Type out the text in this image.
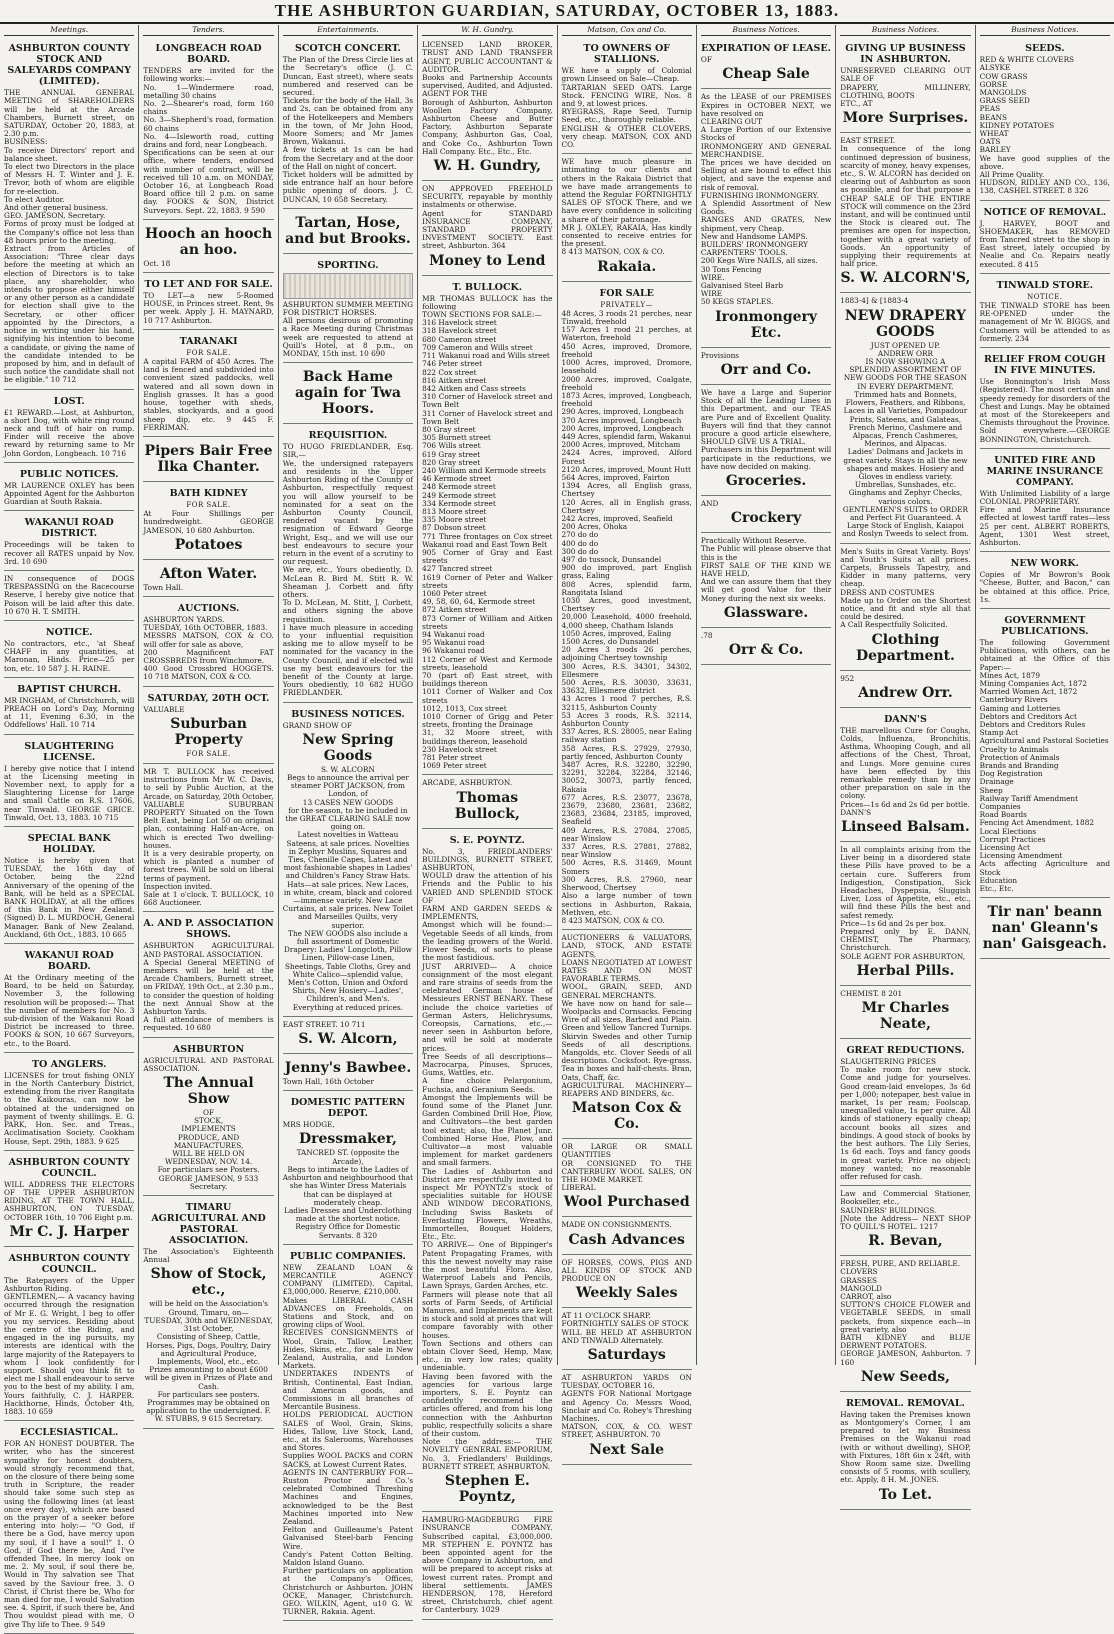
THE ASHBURTON GUARDIAN, SATURDAY, OCTOBER 13, 1883.
Meetings.
ASHBURTON COUNTY STOCK AND SALEYARDS COMPANY (LIMITED).

THE ANNUAL GENERAL MEETING of SHAREHOLDERS will be held at the Arcade Chambers, Burnett street, on SATURDAY, October 20, 1883, at 2.30 p.m.

BUSINESS:

To receive Directors' report and balance sheet.

To elect two Directors in the place of Messrs H. T. Winter and J. E. Trevor, both of whom are eligible for re-election.

To elect Auditor.

And other general business.

GEO. JAMESON, Secretary.

Forms of proxy must be lodged at the Company's office not less than 48 hours prior to the meeting.

Extract from Articles of Association: "Three clear days before the meeting at which an election of Directors is to take place, any shareholder, who intends to propose either himself or any other person as a candidate for election shall give to the Secretary, or other officer appointed by the Directors, a notice in writing under his hand, signifying his intention to become a candidate, or giving the name of the candidate intended to be proposed by him, and in default of such notice the candidate shall not be eligible." 10 712

LOST.

£1 REWARD.—Lost, at Ashburton, a short Dog, with white ring round neck and tuft of hair on rump. Finder will receive the above reward by returning same to Mr John Gordon, Longbeach. 10 716

PUBLIC NOTICES.

MR LAURENCE OXLEY has been Appointed Agent for the Ashburton Guardian at South Rakaia.

WAKANUI ROAD DISTRICT.

Proceedings will be taken to recover all RATES unpaid by Nov. 3rd. 10 690

IN consequence of DOGS TRESPASSING on the Racecourse Reserve, I hereby give notice that Poison will be laid after this date. 10 670 H. T. SMITH.

NOTICE.

No contractors, etc., 'at Sheaf CHAFF in any quantities, at Maronan, Hinds. Price—25 per ton, etc. 10 587 J. H. RAINE.

BAPTIST CHURCH.

MR INGHAM, of Christchurch, will PREACH on Lord's Day, Morning at 11, Evening 6.30, in the Oddfellows' Hall. 10 714

SLAUGHTERING LICENSE.

I hereby give notice that I intend at the Licensing meeting in November next, to apply for a Slaughtering License for Large and small Cattle on R.S. 17606, near Tinwald. GEORGE GRICE. Tinwald, Oct. 13, 1883. 10 715

SPECIAL BANK HOLIDAY.

Notice is hereby given that TUESDAY, the 16th day of October, being the 22nd Anniversary of the opening of the Bank, will be held as a SPECIAL BANK HOLIDAY, at all the offices of this Bank in New Zealand. (Signed) D. L. MURDOCH, General Manager. Bank of New Zealand, Auckland, 6th Oct., 1883. 10 665

WAKANUI ROAD BOARD.

At the Ordinary meeting of the Board, to be held on Saturday, November 3, the following resolution will be proposed:— That the number of members for No. 3 sub-division of the Wakanui Road District be increased to three. FOOKS & SON, 10 667 Surveyors, etc., to the Board.

TO ANGLERS.

LICENSES for trout fishing ONLY in the North Canterbury District, extending from the river Rangitata to the Kaikouras, can now be obtained at the undersigned on payment of twenty shillings. E. G. PARK, Hon. Sec. and Treas., Acclimatisation Society. Cookham House, Sept. 29th, 1883. 9 625

ASHBURTON COUNTY COUNCIL.

WILL ADDRESS THE ELECTORS OF THE UPPER ASHBURTON RIDING, AT THE TOWN HALL, ASHBURTON, ON TUESDAY, OCTOBER 16th, 10 706 Eight p.m.

Mr C. J. Harper
ASHBURTON COUNTY COUNCIL.

The Ratepayers of the Upper Ashburton Riding.

GENTLEMEN,— A vacancy having occurred through the resignation of Mr E. G. Wright, I beg to offer you my services. Residing about the centre of the Riding, and engaged in the ing pursuits, my interests are identical with the large majority of the Ratepayers to whom I look confidently for support. Should you think fit to elect me I shall endeavour to serve you to the best of my ability. I am, Yours faithfully, C. J. HARPER. Hackthorne, Hinds, October 4th, 1883. 10 659

ECCLESIASTICAL.

FOR AN HONEST DOUBTER. The writer, who has the sincerest sympathy for honest doubters, would strongly recommend that, on the closure of there being some truth in Scripture, the reader should take some such step as using the following lines (at least once every day), which are based on the prayer of a seeker before entering into holy:— "O God, if there be a God, have mercy upon my soul, if I have a soul!" 1. O God, if God there be, And I've offended Thee, In mercy look on me. 2. My soul, if soul there be, Would in Thy salvation see That saved by the Saviour free. 3. O Christ, if Christ there be, Who for man died for me, I would Salvation see. 4. Spirit, if such there be, And Thou wouldst plead with me, O give Thy life to Thee. 9 549

Tenders.
LONGBEACH ROAD BOARD.

TENDERS are invited for the following works:—

No. 1—Windermere road, metalling 30 chains

No. 2—Shearer's road, form 160 chains

No. 3—Shepherd's road, formation 60 chains

No. 4—Isleworth road, cutting drains and ford, near Longbeach.

Specifications can be seen at our office, where tenders, endorsed with number of contract, will be received till 10 a.m. on MONDAY, October 16, at Longbeach Road Board office till 2 p.m. on same day. FOOKS & SON, District Surveyors. Sept. 22, 1883. 9 590

Hooch an hooch an hoo.

Oct. 18

TO LET AND FOR SALE.

TO LET—a new 5-Roomed HOUSE, in Princes street. Rent, 9s per week. Apply J. H. MAYNARD, 10 717 Ashburton.

TARANAKI
FOR SALE.

A capital FARM of 450 Acres. The land is fenced and subdivided into convenient sized paddocks, well watered and all sown down in English grasses. It has a good house, together with sheds, stables, stockyards, and a good sheep dip, etc. 9 445 F. FERRIMAN.

Pipers Bair Free Ilka Chanter.
BATH KIDNEY
FOR SALE.

At Four Shillings per hundredweight. GEORGE JAMESON, 10 680 Ashburton.

Potatoes
Afton Water.

Town Hall.

AUCTIONS.

ASHBURTON YARDS.

TUESDAY, 16th OCTOBER, 1883.

MESSRS MATSON, COX & CO. will offer for sale as above,

200 Magnificent FAT CROSSBREDS from Winchmore.

400 Good Crossbred HOGGETS. 10 718 MATSON, COX & CO.

SATURDAY, 20TH OCT.

VALUABLE

Suburban Property
FOR SALE.

MR T. BULLOCK has received instructions from Mr W. C. Davis, to sell by Public Auction, at the Arcade, on Saturday, 20th October,

VALUABLE SUBURBAN PROPERTY Situated on the Town Belt East, being Lot 50 on original plan, containing Half-an-Acre, on which is erected Two dwelling-houses.

It is a very desirable property, on which is planted a number of forest trees. Will be sold on liberal terms of payment.

Inspection invited.

Sale at 1 o'clock. T. BULLOCK, 10 668 Auctioneer.

A. AND P. ASSOCIATION SHOWS.

ASHBURTON AGRICULTURAL AND PASTORAL ASSOCIATION.

A Special General MEETING of members will be held at the Arcade Chambers, Burnett street, on FRIDAY, 19th Oct., at 2.30 p.m., to consider the question of holding the next Annual Show at the Ashburton Yards.

A full attendance of members is requested. 10 680

ASHBURTON

AGRICULTURAL AND PASTORAL ASSOCIATION.

The Annual Show

OF

STOCK,

IMPLEMENTS

PRODUCE, AND

MANUFACTURES,

WILL BE HELD ON

WEDNESDAY, NOV. 14.

For particulars see Posters.

GEORGE JAMESON, 9 533 Secretary.

TIMARU AGRICULTURAL AND PASTORAL ASSOCIATION.

The Association's Eighteenth Annual

Show of Stock, etc.,

will be held on the Association's Ground, Timaru, on—

TUESDAY, 30th and WEDNESDAY, 31st October,

Consisting of Sheep, Cattle, Horses, Pigs, Dogs, Poultry, Dairy and Agricultural Produce, Implements, Wool, etc., etc.

Prizes amounting to about £600 will be given in Prizes of Plate and Cash.

For particulars see posters.

Programmes may be obtained on application to the undersigned. F. W. STUBBS, 9 615 Secretary.

Entertainments.
SCOTCH CONCERT.

The Plan of the Dress Circle lies at the Secretary's office (J. C. Duncan, East street), where seats numbered and reserved can be secured.

Tickets for the body of the Hall, 3s and 2s, can be obtained from any of the Hotelkeepers and Members in the town, of Mr John Hood, Moore Somers; and Mr James Brown, Wakanui.

A few tickets at 1s can be had from the Secretary and at the door of the Hall on night of concert.

Ticket holders will be admitted by side entrance half an hour before public opening of doors. J. C. DUNCAN, 10 658 Secretary.

Tartan, Hose, and but Brooks.
SPORTING.

ASHBURTON SUMMER MEETING FOR DISTRICT HORSES.

All persons desirous of promoting a Race Meeting during Christmas week are requested to attend at Quill's Hotel, at 8 p.m., on MONDAY, 15th inst. 10 690

Back Hame again for Twa Hoors.
REQUISITION.

TO HUGO FRIEDLANDER, Esq. SIR,—

We, the undersigned ratepayers and residents in the Upper Ashburton Riding of the County of Ashburton, respectfully request you will allow yourself to be nominated for a seat on the Ashburton County Council, rendered vacant by the resignation of Edward George Wright, Esq., and we will use our best endeavours to secure your return in the event of a scrutiny to our request.

We are, etc., Yours obediently, D. McLean R. Bird M. Stitt R. W. Sheaman J. Corbett and fifty others.

To D. McLean, M. Stitt, J. Corbett, and others signing the above requisition.

I have much pleasure in acceding to your influential requisition asking me to allow myself to be nominated for the vacancy in the County Council, and if elected will use my best endeavours for the benefit of the County at large. Yours obediently, 10 682 HUGO FRIEDLANDER.

BUSINESS NOTICES.

GRAND SHOW OF

New Spring Goods

S. W. ALCORN

Begs to announce the arrival per steamer PORT JACKSON, from London, of

13 CASES NEW GOODS

for the season, to be included in the GREAT CLEARING SALE now going on.

Latest novelties in Watteau Sateens, at sale prices. Novelties in Zephyr Muslins, Squares and Ties, Chenille Capes, Latest and most fashionable shapes in Ladies' and Children's Fancy Straw Hats. Hats—at sale prices. New Laces, in white, cream, black and colored—immense variety. New Lace Curtains, at sale prices. New Toilet and Marseilles Quilts, very superior.

The NEW GOODS also include a full assortment of Domestic Drapery: Ladies' Longcloth, Pillow Linen, Pillow-case Linen, Sheetings, Table Cloths, Grey and White Calico—splendid value, Men's Cotton, Union and Oxford Shirts, New Hosiery—Ladies', Children's, and Men's.

Everything at reduced prices.

EAST STREET. 10 711

S. W. Alcorn,
Jenny's Bawbee.

Town Hall, 16th October

DOMESTIC PATTERN DEPOT.

MRS HODGE,

Dressmaker,

TANCRED ST. (opposite the Arcade),

Begs to intimate to the Ladies of Ashburton and neighbourhood that she has Winter Dress Materials that can be displayed at moderately cheap.

Ladies Dresses and Underclothing made at the shortest notice.

Registry Office for Domestic Servants. 8 320

PUBLIC COMPANIES.

NEW ZEALAND LOAN & MERCANTILE AGENCY COMPANY (LIMITED). Capital, £3,000,000. Reserve, £210,000.

Makes LIBERAL CASH ADVANCES on Freeholds, on Stations and Stock, and on growing clips of Wool.

RECEIVES CONSIGNMENTS of Wool, Grain, Tallow, Leather, Hides, Skins, etc., for sale in New Zealand, Australia, and London Markets.

UNDERTAKES INDENTS of British, Continental, East Indian, and American goods, and Commissions in all branches of Mercantile Business.

HOLDS PERIODICAL AUCTION SALES of Wool, Grain, Skins, Hides, Tallow, Live Stock, Land, etc., at its Salerooms, Warehouses and Stores.

Supplies WOOL PACKS and CORN SACKS, at Lowest Current Rates.

AGENTS IN CANTERBURY FOR— Ruston Proctor and Co.'s celebrated Combined Threshing Machines and Engines, acknowledged to be the Best Machines imported into New Zealand.

Felton and Guilleaume's Patent Galvanised Steel-barb Fencing Wire.

Candy's Patent Cotton Belting. Maldon Island Guano.

Further particulars on application at the Company's Offices, Christchurch or Ashburton. JOHN OCKE, Manager, Christchurch. GEO. WILKIN, Agent, u10 G. W. TURNER, Rakaia. Agent.

W. H. Gundry.

LICENSED LAND BROKER, TRUST AND LAND TRANSFER AGENT, PUBLIC ACCOUNTANT & AUDITOR.

Books and Partnership Accounts supervised, Audited, and Adjusted. AGENT FOR THE

Borough of Ashburton, Ashburton Woollen Factory Company, Ashburton Cheese and Butter Factory, Ashburton Separate Company, Ashburton Gas, Coal, and Coke Co., Ashburton Town Hall Company. Etc., Etc., Etc.

W. H. Gundry,

ON APPROVED FREEHOLD SECURITY, repayable by monthly instalments or otherwise.

Agent for STANDARD INSURANCE COMPANY, STANDARD PROPERTY INVESTMENT SOCIETY. East street, Ashburton. 364

Money to Lend
T. BULLOCK.

MR THOMAS BULLOCK has the following

TOWN SECTIONS FOR SALE:—

316 Havelock street

318 Havelock street

680 Cameron street

709 Cameron and Wills street

711 Wakanui road and Wills street

746 Peter street

822 Cox street

816 Aitken street

842 Aitken and Cass streets

310 Corner of Havelock street and Town Belt

311 Corner of Havelock street and Town Belt

80 Gray street

305 Burnett street

706 Wills street

619 Gray street

820 Gray street

240 William and Kermode streets

46 Kermode street

248 Kermode street

249 Kermode street

334 Kermode street

813 Moore street

335 Moore street

87 Dobson street

771 Three frontages on Cox street Wakanui road and East Town Belt

905 Corner of Gray and East streets

427 Tancred street

1619 Corner of Peter and Walker streets

1060 Peter street

49, 58, 60, 64, Kermode street

872 Aitken street

873 Corner of William and Aitken streets

94 Wakanui road

95 Wakanui road

96 Wakanui road

112 Corner of West and Kermode streets, leasehold

70 (part of) East street, with buildings thereon

1011 Corner of Walker and Cox streets

1012, 1013, Cox street

1010 Corner of Grigg and Peter streets, fronting the Drainage

31, 32 Moore street, with buildings thereon, leasehold

230 Havelock street

781 Peter street

1069 Peter street

ARCADE, ASHBURTON.

Thomas Bullock,
S. E. POYNTZ.

No. 3, FRIEDLANDERS' BUILDINGS, BURNETT STREET, ASHBURTON,

WOULD draw the attention of his Friends and the Public to his VARIED AND SPLENDID STOCK OF

FARM AND GARDEN SEEDS & IMPLEMENTS,

Amongst which will be found:— Vegetable Seeds of all kinds, from the leading growers of the World. Flower Seeds, of sorts to please the most fastidious.

JUST ARRIVED— A choice consignment of the most elegant and rare strains of seeds from the celebrated German house of Messieurs ERNST BENARY. These include the choice varieties of German Asters, Helichrysums, Coreopsis, Carnations, etc.,—never seen in Ashburton before, and will be sold at moderate prices.

Tree Seeds of all descriptions—Macrocarpa, Pinuses, Spruces, Gums, Wattles, etc.

A fine choice Pelargonium, Fuchsia, and Geranium Seeds.

Amongst the Implements will be found some of the Planet Junr. Garden Combined Drill Hoe, Plow, and Cultivators—the best garden tool extant; also, the Planet Junr. Combined Horse Hoe, Plow, and Cultivator—a most valuable implement for market gardeners and small farmers.

The Ladies of Ashburton and District are respectfully invited to inspect Mr POYNTZ's stock of specialities suitable for HOUSE AND WINDOW DECORATIONS, Including Swiss Baskets of Everlasting Flowers, Wreaths, Immortelles, Bouquet Holders, Etc., Etc.

TO ARRIVE— One of Bippinger's Patent Propagating Frames, with this the newest novelty may raise the most beautiful Flora. Also, Waterproof Labels and Pencils, Lawn Sprays, Garden Arches, etc.

Farmers will please note that all sorts of Farm Seeds, of Artificial Manures, and Implements are kept in stock and sold at prices that will compare favorably with other houses.

Town Sections and others can obtain Clover Seed, Hemp, Maw, etc., in very low rates; quality undeniable.

Having been favored with the agencies for various large importers, S. E. Poyntz can confidently recommend the articles offered, and from his long connection with the Ashburton public, respectfully solicits a share of their custom.

Note the address:— THE NOVELTY GENERAL EMPORIUM, No. 3, Friedlanders' Buildings, BURNETT STREET, ASHBURTON.

Stephen E. Poyntz,

HAMBURG-MAGDEBURG FIRE INSURANCE COMPANY. Subscribed capital, £3,000,000. MR STEPHEN E. POYNTZ has been appointed agent for the above Company in Ashburton, and will be prepared to accept risks at lowest current rates. Prompt and liberal settlements. JAMES HENDERSON, 178, Hereford street, Christchurch, chief agent for Canterbury. 1029

Matson, Cox and Co.
TO OWNERS OF STALLIONS.

WE have a supply of Colonial grown Linseed on Sale—Cheap.

TARTARIAN SEED OATS. Large Stock. FENCING WIRE, Nos. 8 and 9, at lowest prices.

RYEGRASS, Rape Seed, Turnip Seed, etc., thoroughly reliable.

ENGLISH & OTHER CLOVERS, very cheap. MATSON, COX AND CO.

WE have much pleasure in intimating to our clients and others in the Rakaia District that we have made arrangements to attend the Regular FORTNIGHTLY SALES OF STOCK There, and we have every confidence in soliciting a share of their patronage.

MR J. OXLEY, RAKAIA, Has kindly consented to receive entries for the present.

8 413 MATSON, COX & CO.

Rakaia.
FOR SALE
PRIVATELY—

48 Acres, 3 roods 21 perches, near Tinwald, freehold

157 Acres 1 rood 21 perches, at Waterton, freehold

450 Acres, improved, Dromore, freehold

1000 Acres, improved, Dromore, leasehold

2000 Acres, improved, Coalgate, freehold

1873 Acres, improved, Longbeach, freehold

290 Acres, improved, Longbeach

370 Acres improved, Longbeach

200 Acres, improved, Longbeach

449 Acres, splendid farm, Wakanui

2000 Acres, improved, Mitcham

2424 Acres, improved, Alford Forest

2120 Acres, improved, Mount Hutt

564 Acres, improved, Fairton

1394 Acres, all English grass, Chertsey

120 Acres, all in English grass, Chertsey

242 Acres, improved, Seafield

200 Acres, Ohoka

270 do do

400 do do

300 do do

497 do tussock, Dunsandel

900 do improved, part English grass, Ealing

808 Acres, splendid farm, Rangitata Island

1030 Acres, good investment, Chertsey

20,000 Leasehold, 4000 freehold, 4,000 sheep, Chatham Islands

1050 Acres, improved, Ealing

1500 Acres, do Dunsandel

20 Acres 3 roods 26 perches, adjoining Chertsey township

300 Acres, R.S. 34301, 34302, Ellesmere

500 Acres, R.S. 30030, 33631, 33632, Ellesmere district

43 Acres 1 rood 7 perches, R.S. 32115, Ashburton County

53 Acres 3 roods, R.S. 32114, Ashburton County

337 Acres, R.S. 28005, near Ealing railway station

358 Acres, R.S. 27929, 27930, partly fenced, Ashburton County

3487 Acres, R.S. 32280, 32290, 32291, 32284, 32284, 32146, 30052, 30073, partly fenced, Rakaia

677 Acres, R.S. 23077, 23678, 23679, 23680, 23681, 23682, 23683, 23684, 23185, improved, Seafield

409 Acres, R.S. 27084, 27085, near Winslow

337 Acres, R.S. 27881, 27882, near Winslow

500 Acres, R.S. 31469, Mount Somers

300 Acres, R.S. 27960, near Sherwood, Chertsey

Also a large number of town sections in Ashburton, Rakaia, Methven, etc.

8 423 MATSON, COX & CO.

AUCTIONEERS & VALUATORS, LAND, STOCK, AND ESTATE AGENTS,

LOANS NEGOTIATED AT LOWEST RATES AND ON MOST FAVORABLE TERMS.

WOOL, GRAIN, SEED, AND GENERAL MERCHANTS.

We have now on hand for sale— Woolpacks and Cornsacks. Fencing Wire of all sizes, Barbed and Plain. Green and Yellow Tancred Turnips. Skirvin Swedes and other Turnip Seeds of all descriptions. Mangolds, etc. Clover Seeds of all descriptions. Cocksfoot. Rye-grass. Tea in boxes and half-chests. Bran, Oats, Chaff, &c.

AGRICULTURAL MACHINERY— REAPERS AND BINDERS, &c.

Matson Cox & Co.

OR LARGE OR SMALL QUANTITIES

OR CONSIGNED TO THE CANTERBURY WOOL SALES, ON THE HOME MARKET.

LIBERAL

Wool Purchased

MADE ON CONSIGNMENTS.

Cash Advances

OF HORSES, COWS, PIGS AND ALL KINDS OF STOCK AND PRODUCE ON

Weekly Sales

AT 11 O'CLOCK SHARP.

FORTNIGHTLY SALES OF STOCK

WILL BE HELD AT ASHBURTON AND TINWALD Alternately.

Saturdays

AT ASHBURTON YARDS ON TUESDAY, OCTOBER 16,

AGENTS FOR National Mortgage and Agency Co. Messrs Wood, Sinclair and Co. Robey's Threshing Machines.

MATSON, COX, & CO. WEST STREET, ASHBURTON. 70

Next Sale
Business Notices.
EXPIRATION OF LEASE.

OF

Cheap Sale

As the LEASE of our PREMISES Expires in OCTOBER NEXT, we have resolved on

CLEARING OUT

A Large Portion of our Extensive Stocks of

IRONMONGERY AND GENERAL MERCHANDISE.

The prices we have decided on Selling at are bound to effect this object, and save the expense and risk of removal.

FURNISHING IRONMONGERY.

A Splendid Assortment of New Goods.

RANGES AND GRATES, New shipment, very Cheap.

New and Handsome LAMPS.

BUILDERS' IRONMONGERY

CARPENTERS' TOOLS.

200 Kegs Wire NAILS, all sizes.

30 Tons Fencing

WIRE.

Galvanised Steel Barb

WIRE

50 KEGS STAPLES.

Ironmongery Etc.

Provisions

Orr and Co.

We have a Large and Superior Stock of all the Leading Lines in this Department, and our TEAS are Pure and of Excellent Quality. Buyers will find that they cannot procure a good article elsewhere, SHOULD GIVE US A TRIAL.

Purchasers in this Department will participate in the reductions, we have now decided on making.

Groceries.

AND

Crockery

Practically Without Reserve.

The Public will please observe that this is the

FIRST SALE OF THE KIND WE HAVE HELD,

And we can assure them that they will get good Value for their Money during the next six weeks.

Glassware.

.78

Orr & Co.
Business Notices.
GIVING UP BUSINESS IN ASHBURTON.

UNRESERVED CLEARING OUT SALE OF

DRAPERY, MILLINERY, CLOTHING, BOOTS

ETC., AT

More Surprises.

EAST STREET.

In consequence of the long continued depression of business, scarcity of money, heavy expenses, etc., S. W. ALCORN has decided on clearing out of Ashburton as soon as possible, and for that purpose a CHEAP SALE OF THE ENTIRE STOCK will commence on the 23rd instant, and will be continued until the Stock is cleared out. The premises are open for inspection, together with a great variety of Goods. An opportunity of supplying their requirements at half price.

S. W. ALCORN'S,

1883-4] & [1883-4

NEW DRAPERY GOODS

JUST OPENED UP.

ANDREW ORR

IS NOW SHOWING A

SPLENDID ASSORTMENT OF NEW GOODS FOR THE SEASON

IN EVERY DEPARTMENT.

Trimmed hats and Bonnets, Flowers, Feathers, and Ribbons, Laces in all Varieties, Pompadour Prints, Sateens, and Galateas, French Merino, Cashmere and Alpacas, French Cashmeres, Merinos, and Alpacas.

Ladies' Dolmans and Jackets in great variety. Stays in all the new shapes and makes. Hosiery and Gloves in endless variety. Umbrellas, Sunshades, etc. Ginghams and Zephyr Checks, various colors.

GENTLEMEN'S SUITS to ORDER and Perfect Fit Guaranteed. A Large Stock of English, Kaiapoi and Roslyn Tweeds to select from.

Men's Suits in Great Variety. Boys' and Youth's Suits at all prices. Carpets, Brussels Tapestry, and Kidder in many patterns, very cheap.

DRESS AND COSTUMES

Made up to Order on the Shortest notice, and fit and style all that could be desired.

A Call Respectfully Solicited.

Clothing Department.

952

Andrew Orr.
DANN'S

THE marvellous Cure for Coughs, Colds, Influenza, Bronchitis, Asthma, Whooping Cough, and all affections of the Chest, Throat, and Lungs. More genuine cures have been effected by this remarkable remedy than by any other preparation on sale in the colony.

Prices—1s 6d and 2s 6d per bottle.

DANN'S

Linseed Balsam.

In all complaints arising from the Liver being in a disordered state these Pills have proved to be a certain cure. Sufferers from Indigestion, Constipation, Sick Headaches, Dyspepsia, Sluggish Liver, Loss of Appetite, etc., etc., will find these Pills the best and safest remedy.

Price—1s 6d and 2s per box.

Prepared only by E. DANN, CHEMIST, The Pharmacy, Christchurch.

SOLE AGENT FOR ASHBURTON,

Herbal Pills.

CHEMIST. 8 201

Mr Charles Neate,
GREAT REDUCTIONS.

SLAUGHTERING PRICES

To make room for new stock. Come and judge for yourselves. Good cream-laid envelopes, 3s 6d per 1,000; notepaper, best value in market, 1s per ream; Foolscap, unequalled value, 1s per quire. All kinds of stationery equally cheap; account books all sizes and bindings. A good stock of books by the best authors. The Lily Series, 1s 6d each. Toys and fancy goods in great variety. Price no object; money wanted; no reasonable offer refused for cash.

Law and Commercial Stationer, Bookseller, etc.,

SAUNDERS' BUILDINGS.

[Note the Address— NEXT SHOP TO QUILL'S HOTEL. 1217

R. Bevan,

FRESH, PURE, AND RELIABLE.

CLOVERS

GRASSES

MANGOLD

CARROT, also

SUTTON'S CHOICE FLOWER and VEGETABLE SEEDS, in small packets, from sixpence each—in great variety, also

BATH KIDNEY and BLUE DERWENT POTATOES.

GEORGE JAMESON, Ashburton. 7 160

New Seeds,
REMOVAL. REMOVAL.

Having taken the Premises known as Montgomery's Corner, I am prepared to let my Business Premises on the Wakanui road (with or without dwelling), SHOP, with Fixtures, 18ft 6in x 24ft, with Show Room same size. Dwelling consists of 5 rooms, with scullery, etc. Apply, 8 H. M. JONES.

To Let.
Business Notices.
SEEDS.

RED & WHITE CLOVERS

ALSYKE

COW GRASS

GORSE

MANGOLDS

GRASS SEED

PEAS

BEANS

KIDNEY POTATOES

WHEAT

OATS

BARLEY

We have good supplies of the above.

All Prime Quality.

HUDSON, RIDLEY AND CO., 136, 138, CASHEL STREET. 8 326

NOTICE OF REMOVAL.

J. HARVEY, BOOT and SHOEMAKER, has REMOVED from Tancred street to the shop in East street, lately occupied by Nealie and Co. Repairs neatly executed. 8 415

TINWALD STORE.
NOTICE.

THE TINWALD STORE has been RE-OPENED under the management of Mr W. BIGGS, and Customers will be attended to as formerly. 234

RELIEF FROM COUGH IN FIVE MINUTES.

Use Bonnington's Irish Moss (Registered). The most certain and speedy remedy for disorders of the Chest and Lungs. May be obtained at most of the Storekeepers and Chemists throughout the Province. Sold everywhere.—GEORGE BONNINGTON, Christchurch.

UNITED FIRE AND MARINE INSURANCE COMPANY.

With Unlimited Liability of a large COLONIAL PROPRIETARY.

Fire and Marine Insurance effected at lowest tariff rates—less 25 per cent. ALBERT ROBERTS, Agent, 1301 West street, Ashburton.

NEW WORK.

Copies of Mr Bowron's Book "Cheese, Butter, and Bacon," can be obtained at this office. Price, 1s.

GOVERNMENT PUBLICATIONS.

The following Government Publications, with others, can be obtained at the Office of this Paper:—

Mines Act, 1879

Mining Companies Act, 1872

Married Women Act, 1872

Canterbury Rivers

Gaming and Lotteries

Debtors and Creditors Act

Debtors and Creditors Rules

Stamp Act

Agricultural and Pastoral Societies

Cruelty to Animals

Protection of Animals

Brands and Branding

Dog Registration

Drainage

Sheep

Railway Tariff Amendment

Companies

Road Boards

Fencing Act Amendment, 1882

Local Elections

Corrupt Practices

Licensing Act

Licensing Amendment

Acts affecting Agriculture and Stock

Education

Etc., Etc.

Tir nan' beann nan' Gleann's nan' Gaisgeach.
